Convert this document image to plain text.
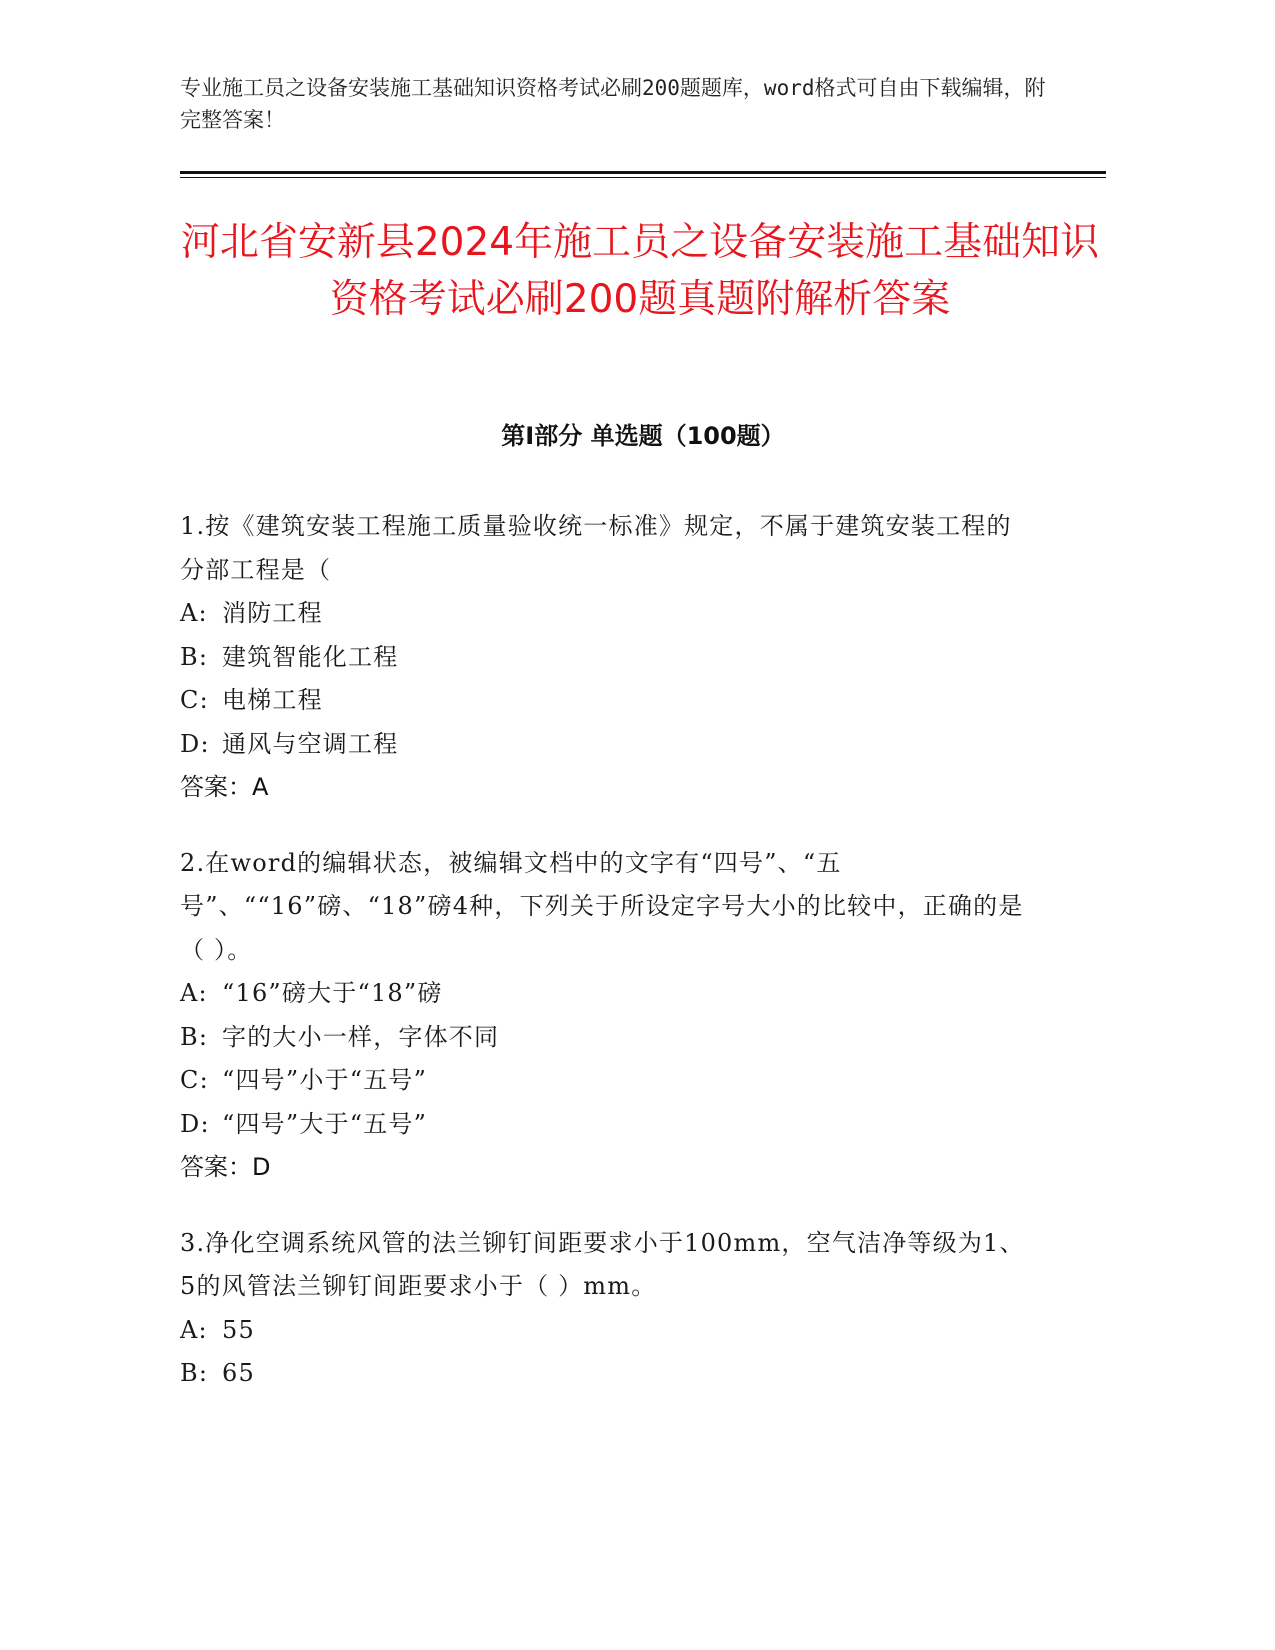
专业施工员之设备安装施工基础知识资格考试必刷200题题库，word格式可自由下载编辑，附完整答案！
河北省安新县2024年施工员之设备安装施工基础知识资格考试必刷200题真题附解析答案
第Ⅰ部分 单选题（100题）

1.按《建筑安装工程施工质量验收统一标准》规定，不属于建筑安装工程的分部工程是（

A: 消防工程

B: 建筑智能化工程

C: 电梯工程

D: 通风与空调工程

答案：A

2.在word的编辑状态，被编辑文档中的文字有“四号”、“五号”、““16”磅、“18”磅4种，下列关于所设定字号大小的比较中，正确的是（ ）。

A: “16”磅大于“18”磅

B: 字的大小一样，字体不同

C: “四号”小于“五号”

D: “四号”大于“五号”

答案：D

3.净化空调系统风管的法兰铆钉间距要求小于100mm，空气洁净等级为1、5的风管法兰铆钉间距要求小于（ ）mm。

A: 55

B: 65
